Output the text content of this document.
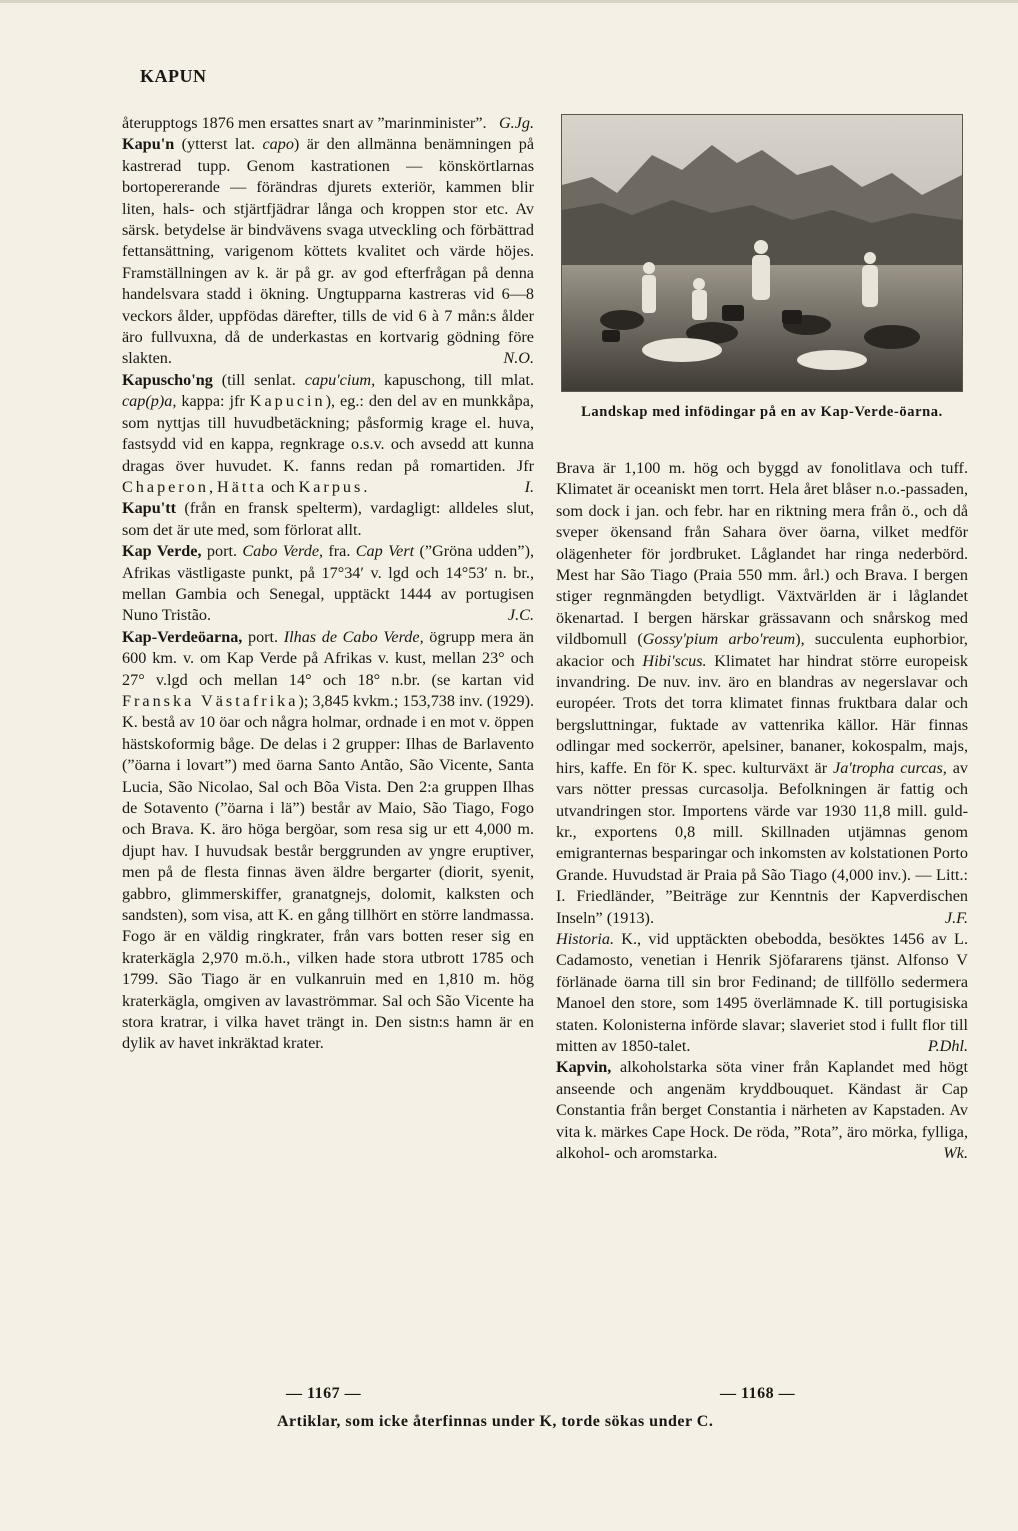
KAPUN

återupptogs 1876 men ersattes snart av ”marinminister”. G.Jg.

Kapu'n (ytterst lat. capo) är den allmänna benämningen på kastrerad tupp. Genom kastrationen — könskörtlarnas bortopererande — förändras djurets exteriör, kammen blir liten, hals- och stjärtfjädrar långa och kroppen stor etc. Av särsk. betydelse är bindvävens svaga utveckling och förbättrad fettansättning, varigenom köttets kvalitet och värde höjes. Framställningen av k. är på gr. av god efterfrågan på denna handelsvara stadd i ökning. Ungtupparna kastreras vid 6—8 veckors ålder, uppfödas därefter, tills de vid 6 à 7 mån:s ålder äro fullvuxna, då de underkastas en kortvarig gödning före slakten.	N.O.

Kapuscho'ng (till senlat. capu'cium, kapuschong, till mlat. cap(p)a, kappa: jfr Kapucin), eg.: den del av en munkkåpa, som nyttjas till huvudbetäckning; påsformig krage el. huva, fastsydd vid en kappa, regnkrage o.s.v. och avsedd att kunna dragas över huvudet. K. fanns redan på romartiden. Jfr Chaperon, Hätta och Karpus.	I.

Kapu'tt (från en fransk spelterm), vardagligt: alldeles slut, som det är ute med, som förlorat allt.

Kap Verde, port. Cabo Verde, fra. Cap Vert (”Gröna udden”), Afrikas västligaste punkt, på 17°34′ v. lgd och 14°53′ n. br., mellan Gambia och Senegal, upptäckt 1444 av portugisen Nuno Tristão.	J.C.

Kap-Verdeöarna, port. Ilhas de Cabo Verde, ögrupp mera än 600 km. v. om Kap Verde på Afrikas v. kust, mellan 23° och 27° v.lgd och mellan 14° och 18° n.br. (se kartan vid Franska Västafrika); 3,845 kvkm.; 153,738 inv. (1929). K. bestå av 10 öar och några holmar, ordnade i en mot v. öppen hästskoformig båge. De delas i 2 grupper: Ilhas de Barlavento (”öarna i lovart”) med öarna Santo Antão, São Vicente, Santa Lucia, São Nicolao, Sal och Bõa Vista. Den 2:a gruppen Ilhas de Sotavento (”öarna i lä”) består av Maio, São Tiago, Fogo och Brava. K. äro höga bergöar, som resa sig ur ett 4,000 m. djupt hav. I huvudsak består berggrunden av yngre eruptiver, men på de flesta finnas även äldre bergarter (diorit, syenit, gabbro, glimmerskiffer, granatgnejs, dolomit, kalksten och sandsten), som visa, att K. en gång tillhört en större landmassa. Fogo är en väldig ringkrater, från vars botten reser sig en kraterkägla 2,970 m.ö.h., vilken hade stora utbrott 1785 och 1799. São Tiago är en vulkanruin med en 1,810 m. hög kraterkägla, omgiven av lavaströmmar. Sal och São Vicente ha stora kratrar, i vilka havet trängt in. Den sistn:s hamn är en dylik av havet inkräktad krater.

Landskap med infödingar på en av Kap-Verde-öarna.

Brava är 1,100 m. hög och byggd av fonolitlava och tuff. Klimatet är oceaniskt men torrt. Hela året blåser n.o.-passaden, som dock i jan. och febr. har en riktning mera från ö., och då sveper ökensand från Sahara över öarna, vilket medför olägenheter för jordbruket. Låglandet har ringa nederbörd. Mest har São Tiago (Praia 550 mm. årl.) och Brava. I bergen stiger regnmängden betydligt. Växtvärlden är i låglandet ökenartad. I bergen härskar grässavann och snårskog med vildbomull (Gossy'pium arbo'reum), succulenta euphorbior, akacior och Hibi'scus. Klimatet har hindrat större europeisk invandring. De nuv. inv. äro en blandras av negerslavar och européer. Trots det torra klimatet finnas fruktbara dalar och bergsluttningar, fuktade av vattenrika källor. Här finnas odlingar med sockerrör, apelsiner, bananer, kokospalm, majs, hirs, kaffe. En för K. spec. kulturväxt är Ja'tropha curcas, av vars nötter pressas curcasolja. Befolkningen är fattig och utvandringen stor. Importens värde var 1930 11,8 mill. guld-kr., exportens 0,8 mill. Skillnaden utjämnas genom emigranternas besparingar och inkomsten av kolstationen Porto Grande. Huvudstad är Praia på São Tiago (4,000 inv.). — Litt.: I. Friedländer, ”Beiträge zur Kenntnis der Kapverdischen Inseln” (1913).	J.F.

Historia. K., vid upptäckten obebodda, besöktes 1456 av L. Cadamosto, venetian i Henrik Sjöfararens tjänst. Alfonso V förlänade öarna till sin bror Fedinand; de tillföllo sedermera Manoel den store, som 1495 överlämnade K. till portugisiska staten. Kolonisterna införde slavar; slaveriet stod i fullt flor till mitten av 1850-talet.	P.Dhl.

Kapvin, alkoholstarka söta viner från Kaplandet med högt anseende och angenäm kryddbouquet. Kändast är Cap Constantia från berget Constantia i närheten av Kapstaden. Av vita k. märkes Cape Hock. De röda, ”Rota”, äro mörka, fylliga, alkohol- och aromstarka.	Wk.

— 1167 —	— 1168 —
Artiklar, som icke återfinnas under K, torde sökas under C.
